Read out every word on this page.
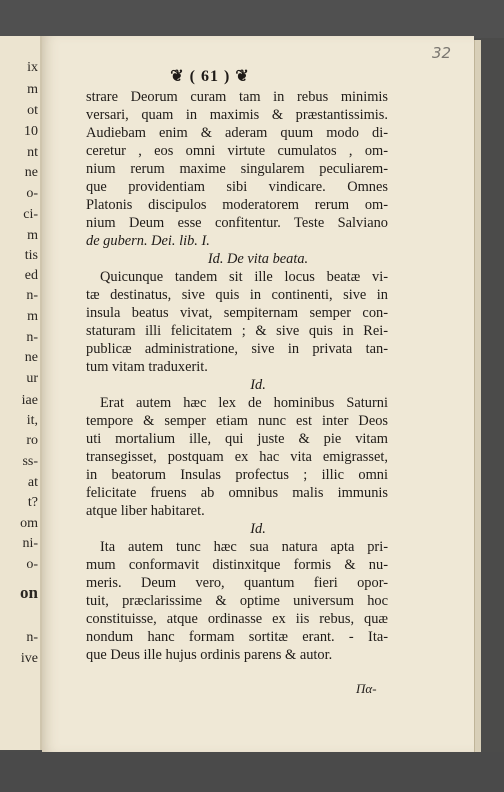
ix
m
ot
10
nt
ne
o-
ci-
m
tis
ed
n-
m
n-
ne
ur
iae
it,
ro
ss-
at
t?
om
ni-
o-
on
n-
ive
32
❦ ( 61 ) ❦
strare Deorum curam tam in rebus minimis
versari, quam in maximis & præstantissimis.
Audiebam enim & aderam quum modo di-
ceretur , eos omni virtute cumulatos , om-
nium rerum maxime singularem peculiarem-
que providentiam sibi vindicare. Omnes
Platonis discipulos moderatorem rerum om-
nium Deum esse confitentur. Teste Salviano
de gubern. Dei. lib. I.
Id. De vita beata.
Quicunque tandem sit ille locus beatæ vi-
tæ destinatus, sive quis in continenti, sive in
insula beatus vivat, sempiternam semper con-
staturam illi felicitatem ; & sive quis in Rei-
publicæ administratione, sive in privata tan-
tum vitam traduxerit.
Id.
Erat autem hæc lex de hominibus Saturni
tempore & semper etiam nunc est inter Deos
uti mortalium ille, qui juste & pie vitam
transegisset, postquam ex hac vita emigrasset,
in beatorum Insulas profectus ; illic omni
felicitate fruens ab omnibus malis immunis
atque liber habitaret.
Id.
Ita autem tunc hæc sua natura apta pri-
mum conformavit distinxitque formis & nu-
meris. Deum vero, quantum fieri opor-
tuit, præclarissime & optime universum hoc
constituisse, atque ordinasse ex iis rebus, quæ
nondum hanc formam sortitæ erant. - Ita-
que Deus ille hujus ordinis parens & autor.
Πα-
